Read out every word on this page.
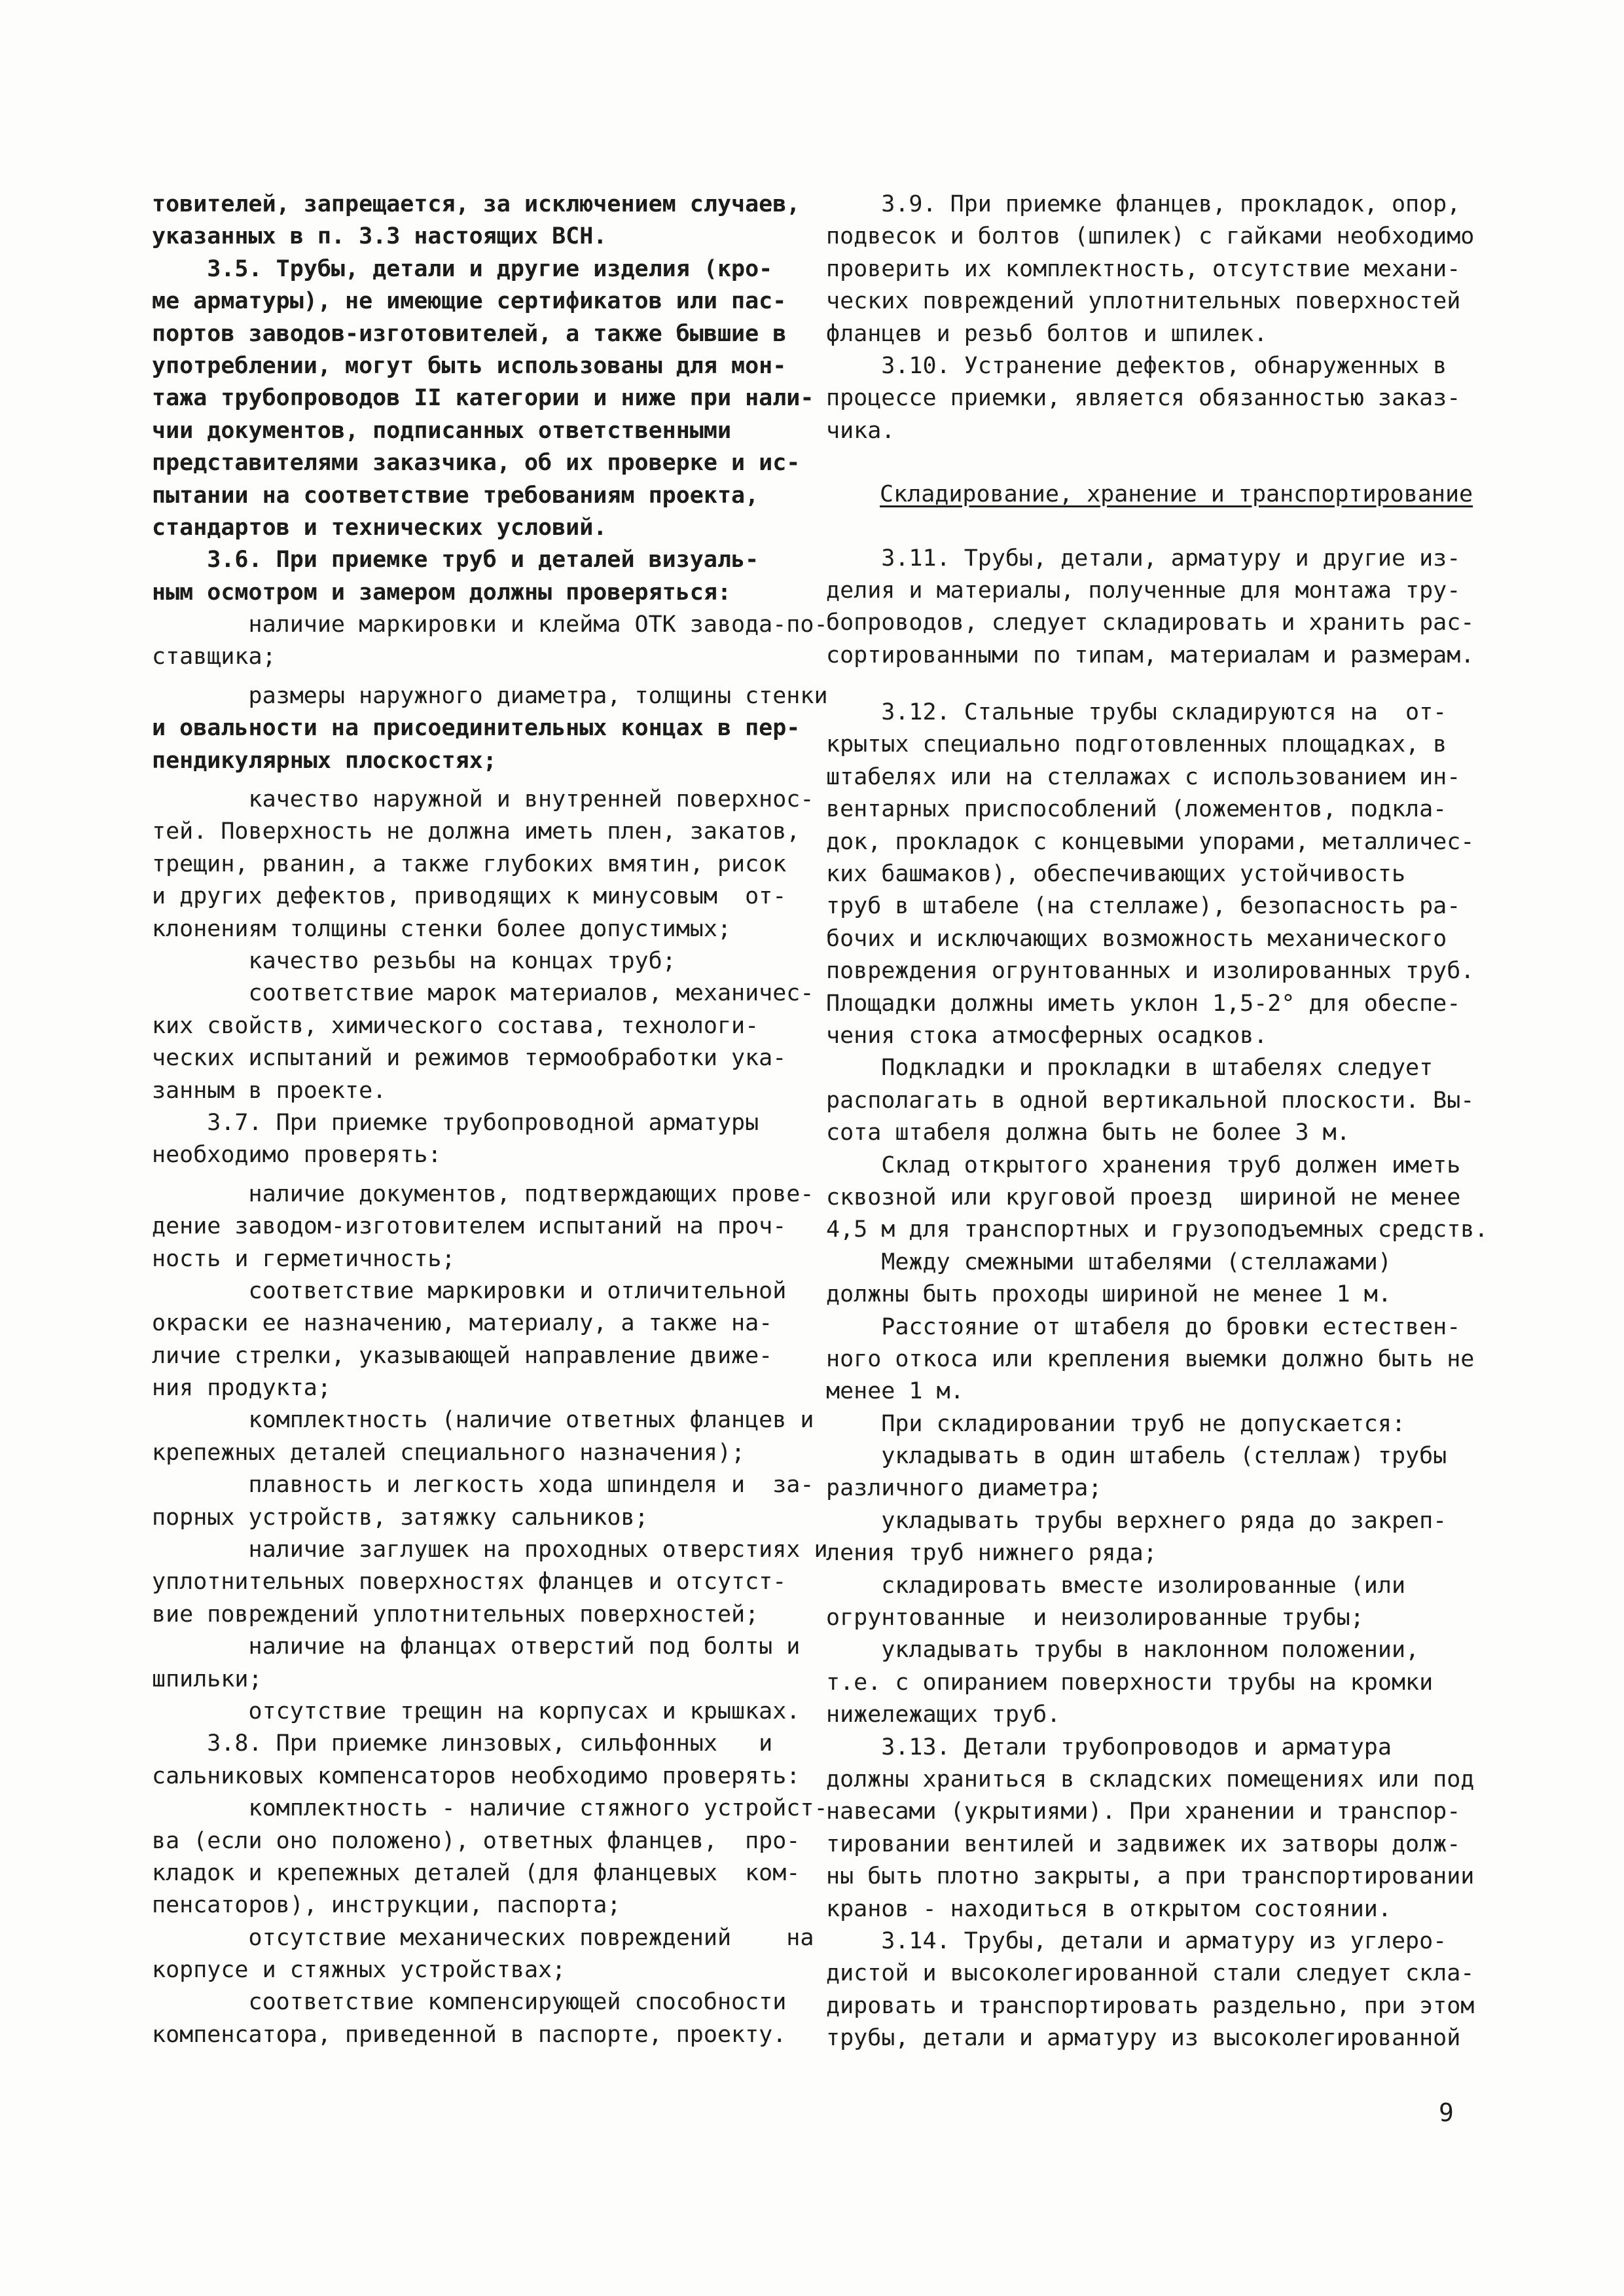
товителей, запрещается, за исключением случаев,
указанных в п. 3.3 настоящих ВСН.
3.5. Трубы, детали и другие изделия (кро-
ме арматуры), не имеющие сертификатов или пас-
портов заводов-изготовителей, а также бывшие в
употреблении, могут быть использованы для мон-
тажа трубопроводов II категории и ниже при нали-
чии документов, подписанных ответственными
представителями заказчика, об их проверке и ис-
пытании на соответствие требованиям проекта,
стандартов и технических условий.
3.6. При приемке труб и деталей визуаль-
ным осмотром и замером должны проверяться:
наличие маркировки и клейма ОТК завода-по-
ставщика;
размеры наружного диаметра, толщины стенки
и овальности на присоединительных концах в пер-
пендикулярных плоскостях;
качество наружной и внутренней поверхнос-
тей. Поверхность не должна иметь плен, закатов,
трещин, рванин, а также глубоких вмятин, рисок
и других дефектов, приводящих к минусовым  от-
клонениям толщины стенки более допустимых;
качество резьбы на концах труб;
соответствие марок материалов, механичес-
ких свойств, химического состава, технологи-
ческих испытаний и режимов термообработки ука-
занным в проекте.
3.7. При приемке трубопроводной арматуры
необходимо проверять:
наличие документов, подтверждающих прове-
дение заводом-изготовителем испытаний на проч-
ность и герметичность;
соответствие маркировки и отличительной
окраски ее назначению, материалу, а также на-
личие стрелки, указывающей направление движе-
ния продукта;
комплектность (наличие ответных фланцев и
крепежных деталей специального назначения);
плавность и легкость хода шпинделя и  за-
порных устройств, затяжку сальников;
наличие заглушек на проходных отверстиях и
уплотнительных поверхностях фланцев и отсутст-
вие повреждений уплотнительных поверхностей;
наличие на фланцах отверстий под болты и
шпильки;
отсутствие трещин на корпусах и крышках.
3.8. При приемке линзовых, сильфонных   и
сальниковых компенсаторов необходимо проверять:
комплектность - наличие стяжного устройст-
ва (если оно положено), ответных фланцев,  про-
кладок и крепежных деталей (для фланцевых  ком-
пенсаторов), инструкции, паспорта;
отсутствие механических повреждений    на
корпусе и стяжных устройствах;
соответствие компенсирующей способности
компенсатора, приведенной в паспорте, проекту.
3.9. При приемке фланцев, прокладок, опор,
подвесок и болтов (шпилек) с гайками необходимо
проверить их комплектность, отсутствие механи-
ческих повреждений уплотнительных поверхностей
фланцев и резьб болтов и шпилек.
3.10. Устранение дефектов, обнаруженных в
процессе приемки, является обязанностью заказ-
чика.
Складирование, хранение и транспортирование
3.11. Трубы, детали, арматуру и другие из-
делия и материалы, полученные для монтажа тру-
бопроводов, следует складировать и хранить рас-
сортированными по типам, материалам и размерам.
3.12. Стальные трубы складируются на  от-
крытых специально подготовленных площадках, в
штабелях или на стеллажах с использованием ин-
вентарных приспособлений (ложементов, подкла-
док, прокладок с концевыми упорами, металличес-
ких башмаков), обеспечивающих устойчивость
труб в штабеле (на стеллаже), безопасность ра-
бочих и исключающих возможность механического
повреждения огрунтованных и изолированных труб.
Площадки должны иметь уклон 1,5-2° для обеспе-
чения стока атмосферных осадков.
Подкладки и прокладки в штабелях следует
располагать в одной вертикальной плоскости. Вы-
сота штабеля должна быть не более 3 м.
Склад открытого хранения труб должен иметь
сквозной или круговой проезд  шириной не менее
4,5 м для транспортных и грузоподъемных средств.
Между смежными штабелями (стеллажами)
должны быть проходы шириной не менее 1 м.
Расстояние от штабеля до бровки естествен-
ного откоса или крепления выемки должно быть не
менее 1 м.
При складировании труб не допускается:
укладывать в один штабель (стеллаж) трубы
различного диаметра;
укладывать трубы верхнего ряда до закреп-
ления труб нижнего ряда;
складировать вместе изолированные (или
огрунтованные  и неизолированные трубы;
укладывать трубы в наклонном положении,
т.е. с опиранием поверхности трубы на кромки
нижележащих труб.
3.13. Детали трубопроводов и арматура
должны храниться в складских помещениях или под
навесами (укрытиями). При хранении и транспор-
тировании вентилей и задвижек их затворы долж-
ны быть плотно закрыты, а при транспортировании
кранов - находиться в открытом состоянии.
3.14. Трубы, детали и арматуру из углеро-
дистой и высоколегированной стали следует скла-
дировать и транспортировать раздельно, при этом
трубы, детали и арматуру из высоколегированной
9
